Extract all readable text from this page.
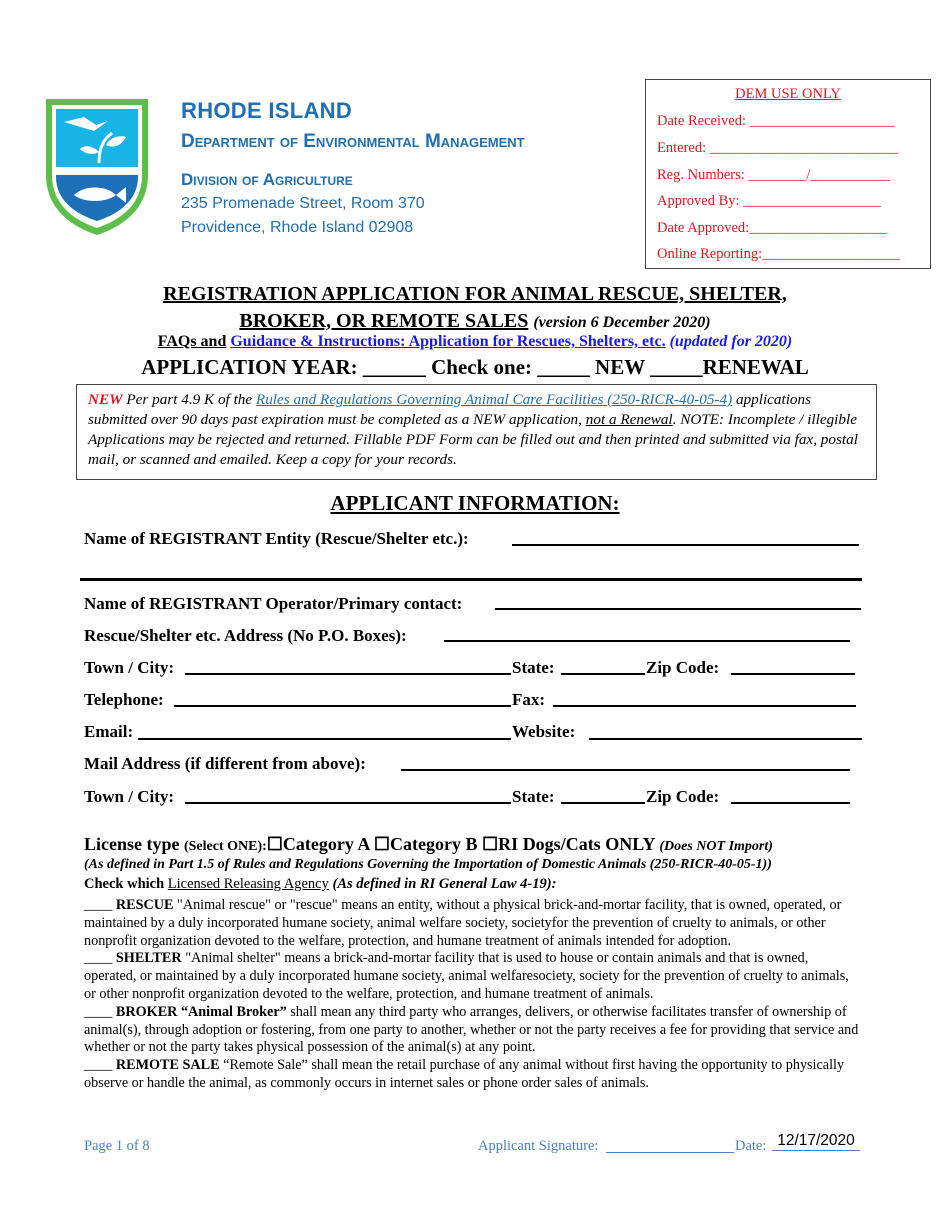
RHODE ISLAND
Department of Environmental Management
Division of Agriculture
235 Promenade Street, Room 370
Providence, Rhode Island 02908
DEM USE ONLY
Date Received: ____________________
Entered: __________________________
Reg. Numbers: ________/___________
Approved By: ___________________
Date Approved:___________________
Online Reporting:___________________
REGISTRATION APPLICATION FOR ANIMAL RESCUE, SHELTER,
BROKER, OR REMOTE SALES (version 6 December 2020)
FAQs and Guidance & Instructions: Application for Rescues, Shelters, etc. (updated for 2020)
APPLICATION YEAR: ______ Check one: _____ NEW _____RENEWAL

NEW Per part 4.9 K of the Rules and Regulations Governing Animal Care Facilities (250-RICR-40-05-4) applications submitted over 90 days past expiration must be completed as a NEW application, not a Renewal. NOTE: Incomplete / illegible Applications may be rejected and returned. Fillable PDF Form can be filled out and then printed and submitted via fax, postal mail, or scanned and emailed. Keep a copy for your records.

APPLICANT INFORMATION:
Name of REGISTRANT Entity (Rescue/Shelter etc.):
Name of REGISTRANT Operator/Primary contact:
Rescue/Shelter etc. Address (No P.O. Boxes):
Town / City:	State:	Zip Code:
Telephone:	Fax:
Email:	Website:
Mail Address (if different from above):
Town / City:	State:	Zip Code:
License type (Select ONE):☐Category A ☐Category B ☐RI Dogs/Cats ONLY (Does NOT Import)
(As defined in Part 1.5 of Rules and Regulations Governing the Importation of Domestic Animals (250-RICR-40-05-1))
Check which Licensed Releasing Agency (As defined in RI General Law 4-19):

____ RESCUE "Animal rescue" or "rescue" means an entity, without a physical brick-and-mortar facility, that is owned, operated, or maintained by a duly incorporated humane society, animal welfare society, societyfor the prevention of cruelty to animals, or other nonprofit organization devoted to the welfare, protection, and humane treatment of animals intended for adoption.

____ SHELTER "Animal shelter" means a brick-and-mortar facility that is used to house or contain animals and that is owned, operated, or maintained by a duly incorporated humane society, animal welfaresociety, society for the prevention of cruelty to animals, or other nonprofit organization devoted to the welfare, protection, and humane treatment of animals.

____ BROKER “Animal Broker” shall mean any third party who arranges, delivers, or otherwise facilitates transfer of ownership of animal(s), through adoption or fostering, from one party to another, whether or not the party receives a fee for providing that service and whether or not the party takes physical possession of the animal(s) at any point.

____ REMOTE SALE “Remote Sale” shall mean the retail purchase of any animal without first having the opportunity to physically observe or handle the animal, as commonly occurs in internet sales or phone order sales of animals.

Page 1 of 8	Applicant Signature:	Date: 12/17/2020
